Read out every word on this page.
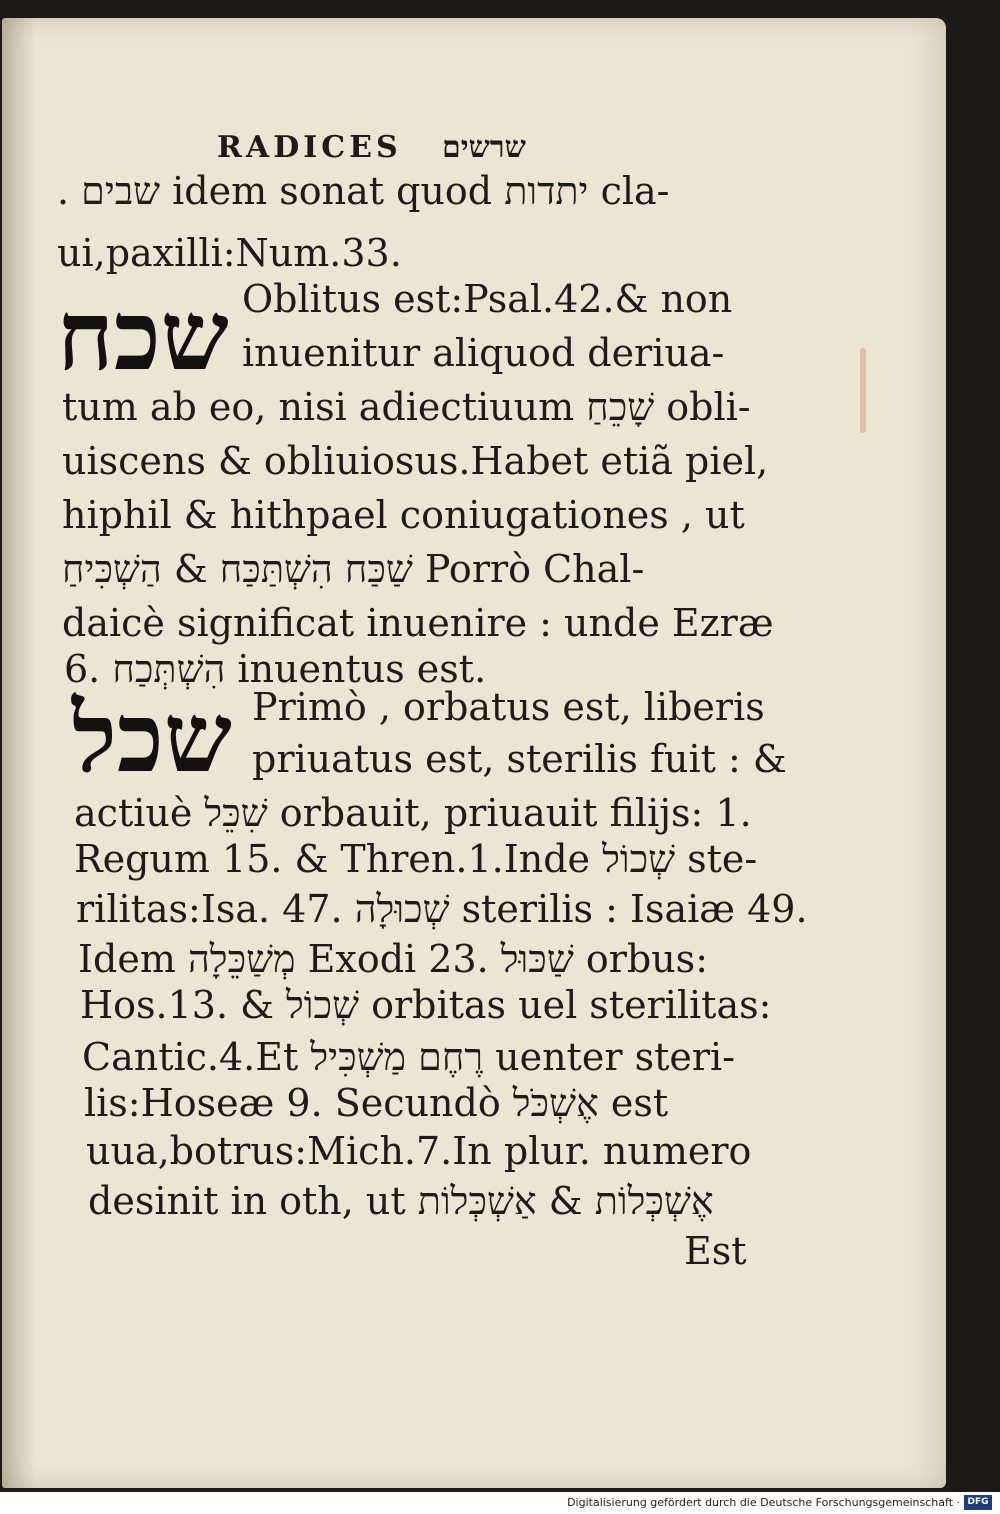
RADICES שרשים
. שבים idem sonat quod יתדות cla-
ui,paxilli:Num.33.
שכח Oblitus est:Psal.42.& non
inuenitur aliquod deriua-
tum ab eo, nisi adiectiuum שָׁכֵחַ obli-
uiscens & obliuiosus.Habet etiã piel,
hiphil & hithpael coniugationes , ut
שַׁכַּח הִשְׁתַּכַּח & הַשְׁכִּיחַ Porrò Chal-
daicè significat inuenire : unde Ezræ
6. הִשְׁתְּכַח inuentus est.
שכל Primò , orbatus est, liberis
priuatus est, sterilis fuit : &
actiuè שִׁכֵּל orbauit, priuauit filijs: 1.
Regum 15. & Thren.1.Inde שְׁכוֹל ste-
rilitas:Isa. 47. שְׁכוּלָה sterilis : Isaiæ 49.
Idem מְשַׁכֵּלָה Exodi 23. שַׁכּוּל orbus:
Hos.13. & שְׁכוֹל orbitas uel sterilitas:
Cantic.4.Et רֶחֶם מַשְׁכִּיל uenter steri-
lis:Hoseæ 9. Secundò אֶשְׁכֹּל est
uua,botrus:Mich.7.In plur. numero
desinit in oth, ut אֶשְׁכְּלוֹת & אַשְׁכְּלוֹת
Est
Digitalisierung gefördert durch die Deutsche Forschungsgemeinschaft · DFG
